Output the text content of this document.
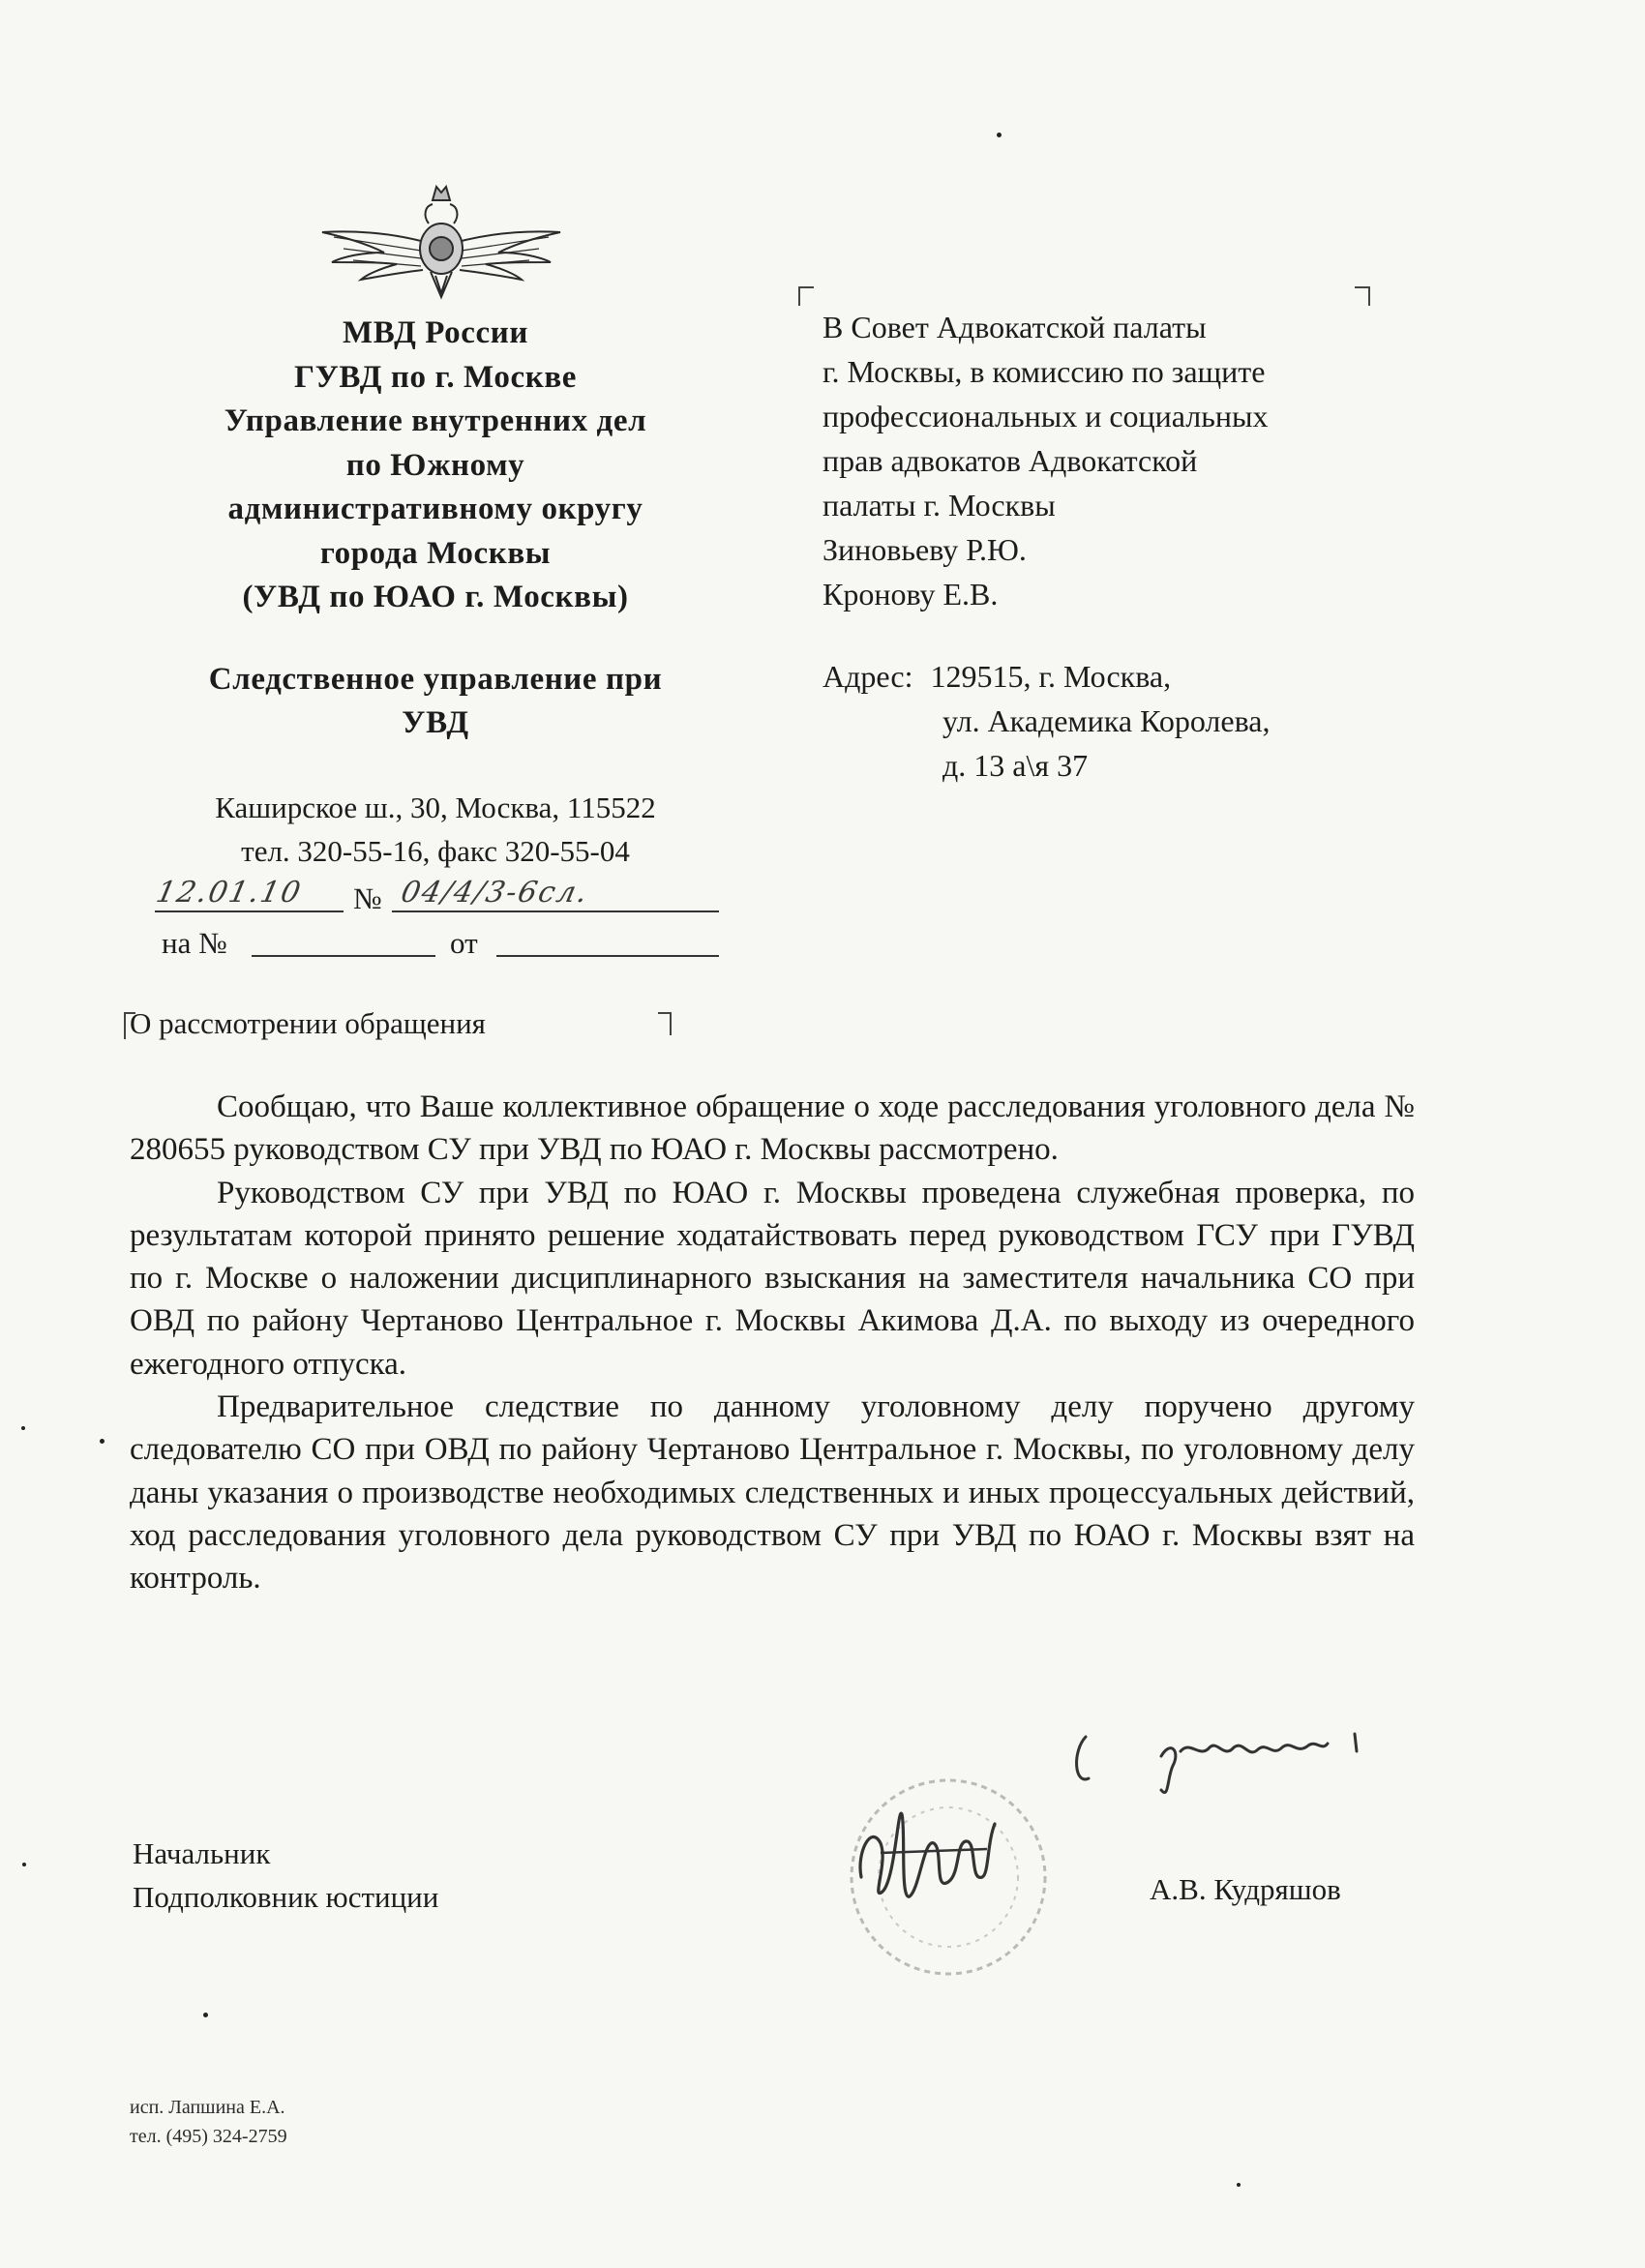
МВД России
ГУВД по г. Москве
Управление внутренних дел
по Южному
административному округу
города Москвы
(УВД по ЮАО г. Москвы)
Следственное управление при
УВД
Каширское ш., 30, Москва, 115522
тел. 320-55-16, факс 320-55-04
12.01.10 № 04/4/3-6сл.
на №	от
В Совет Адвокатской палаты
г. Москвы, в комиссию по защите
профессиональных и социальных
прав адвокатов Адвокатской
палаты г. Москвы
Зиновьеву Р.Ю.
Кронову Е.В.
Адрес: 129515, г. Москва,
ул. Академика Королева,
д. 13 а\я 37
О рассмотрении обращения

Сообщаю, что Ваше коллективное обращение о ходе расследования уголовного дела № 280655 руководством СУ при УВД по ЮАО г. Москвы рассмотрено.

Руководством СУ при УВД по ЮАО г. Москвы проведена служебная проверка, по результатам которой принято решение ходатайствовать перед руководством ГСУ при ГУВД по г. Москве о наложении дисциплинарного взыскания на заместителя начальника СО при ОВД по району Чертаново Центральное г. Москвы Акимова Д.А. по выходу из очередного ежегодного отпуска.

Предварительное следствие по данному уголовному делу поручено другому следователю СО при ОВД по району Чертаново Центральное г. Москвы, по уголовному делу даны указания о производстве необходимых следственных и иных процессуальных действий, ход расследования уголовного дела руководством СУ при УВД по ЮАО г. Москвы взят на контроль.

Начальник
Подполковник юстиции	А.В. Кудряшов
исп. Лапшина Е.А.
тел. (495) 324-2759
